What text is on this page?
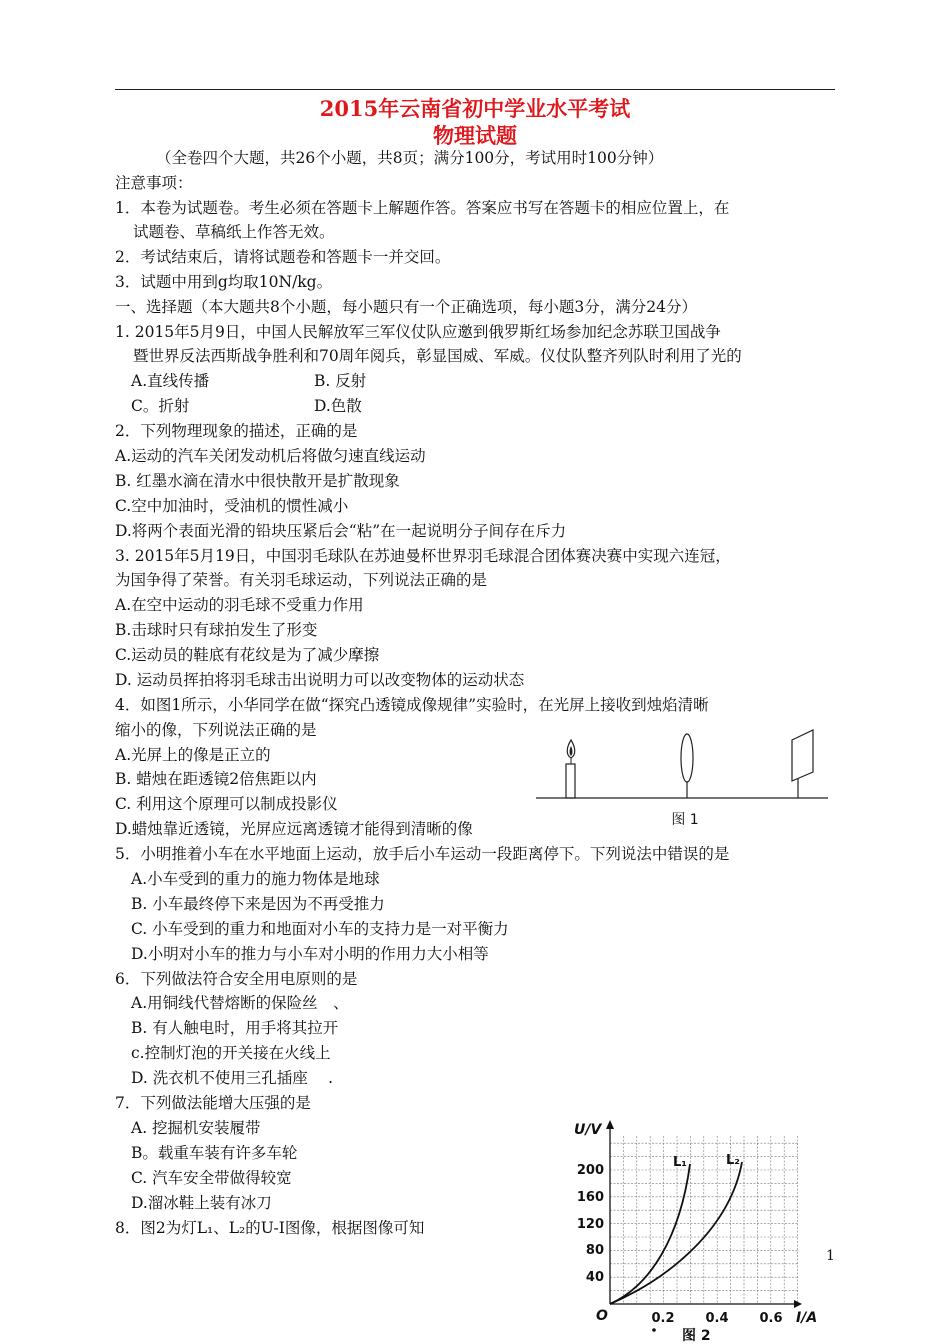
2015年云南省初中学业水平考试
物理试题
（全卷四个大题，共26个小题，共8页；满分100分，考试用时100分钟）
注意事项：
1．本卷为试题卷。考生必须在答题卡上解题作答。答案应书写在答题卡的相应位置上，在
试题卷、草稿纸上作答无效。
2．考试结束后，请将试题卷和答题卡一并交回。
3．试题中用到g均取10N/kg。
一、选择题（本大题共8个小题，每小题只有一个正确选项，每小题3分，满分24分）
1. 2015年5月9日，中国人民解放军三军仪仗队应邀到俄罗斯红场参加纪念苏联卫国战争
暨世界反法西斯战争胜利和70周年阅兵，彰显国威、军威。仪仗队整齐列队时利用了光的
A.直线传播	B. 反射
C。折射	D.色散
2．下列物理现象的描述，正确的是
A.运动的汽车关闭发动机后将做匀速直线运动
B. 红墨水滴在清水中很快散开是扩散现象
C.空中加油时，受油机的惯性减小
D.将两个表面光滑的铅块压紧后会“粘”在一起说明分子间存在斥力
3. 2015年5月19日，中国羽毛球队在苏迪曼杯世界羽毛球混合团体赛决赛中实现六连冠，
为国争得了荣誉。有关羽毛球运动，下列说法正确的是
A.在空中运动的羽毛球不受重力作用
B.击球时只有球拍发生了形变
C.运动员的鞋底有花纹是为了减少摩擦
D. 运动员挥拍将羽毛球击出说明力可以改变物体的运动状态
4．如图1所示，小华同学在做“探究凸透镜成像规律”实验时，在光屏上接收到烛焰清晰
缩小的像，下列说法正确的是
A.光屏上的像是正立的
B. 蜡烛在距透镜2倍焦距以内
C. 利用这个原理可以制成投影仪
D.蜡烛靠近透镜，光屏应远离透镜才能得到清晰的像	图 1
5．小明推着小车在水平地面上运动，放手后小车运动一段距离停下。下列说法中错误的是
A.小车受到的重力的施力物体是地球
B. 小车最终停下来是因为不再受推力
C. 小车受到的重力和地面对小车的支持力是一对平衡力
D.小明对小车的推力与小车对小明的作用力大小相等
6．下列做法符合安全用电原则的是
A.用铜线代替熔断的保险丝　、
B. 有人触电时，用手将其拉开
c.控制灯泡的开关接在火线上
D. 洗衣机不使用三孔插座　 .
7．下列做法能增大压强的是
A. 挖掘机安装履带
B。载重车装有许多车轮
C. 汽车安全带做得较宽
D.溜冰鞋上装有冰刀
8．图2为灯L₁、L₂的U-I图像，根据图像可知
1
U/V
I/A
O
200
160
120
80
40
0.2 0.4 0.6
L₁	L₂
图 2
